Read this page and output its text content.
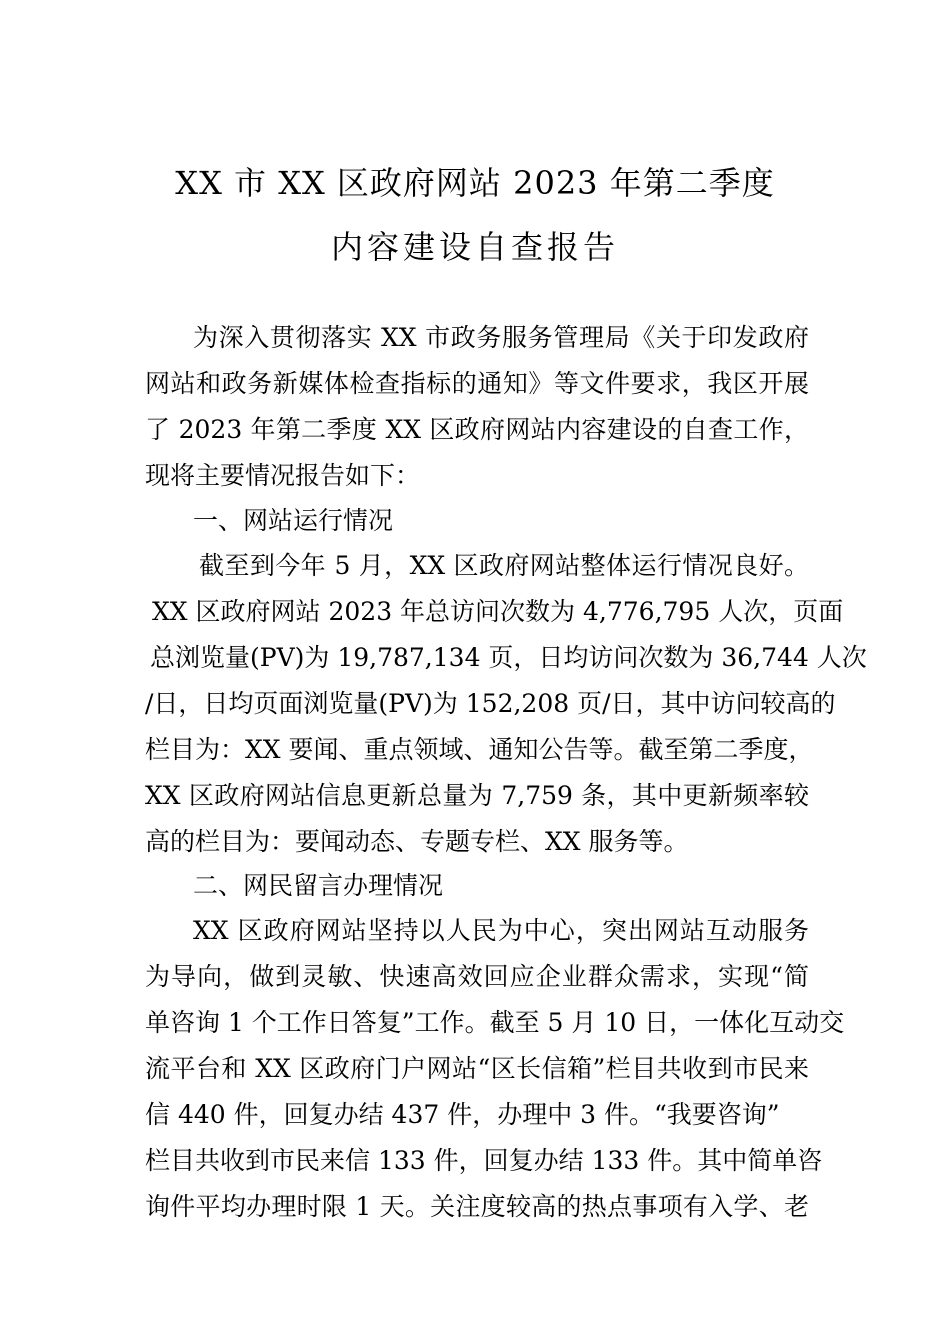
XX 市 XX 区政府网站 2023 年第二季度
内容建设自查报告
为深入贯彻落实 XX 市政务服务管理局《关于印发政府
网站和政务新媒体检查指标的通知》等文件要求，我区开展
了 2023 年第二季度 XX 区政府网站内容建设的自查工作，
现将主要情况报告如下：
一、网站运行情况
截至到今年 5 月，XX 区政府网站整体运行情况良好。
XX 区政府网站 2023 年总访问次数为 4,776,795 人次，页面
总浏览量(PV)为 19,787,134 页，日均访问次数为 36,744 人次
/日，日均页面浏览量(PV)为 152,208 页/日，其中访问较高的
栏目为：XX 要闻、重点领域、通知公告等。截至第二季度，
XX 区政府网站信息更新总量为 7,759 条，其中更新频率较
高的栏目为：要闻动态、专题专栏、XX 服务等。
二、网民留言办理情况
XX 区政府网站坚持以人民为中心，突出网站互动服务
为导向，做到灵敏、快速高效回应企业群众需求，实现“简
单咨询 1 个工作日答复”工作。截至 5 月 10 日，一体化互动交
流平台和 XX 区政府门户网站“区长信箱”栏目共收到市民来
信 440 件，回复办结 437 件，办理中 3 件。“我要咨询”
栏目共收到市民来信 133 件，回复办结 133 件。其中简单咨
询件平均办理时限 1 天。关注度较高的热点事项有入学、老
